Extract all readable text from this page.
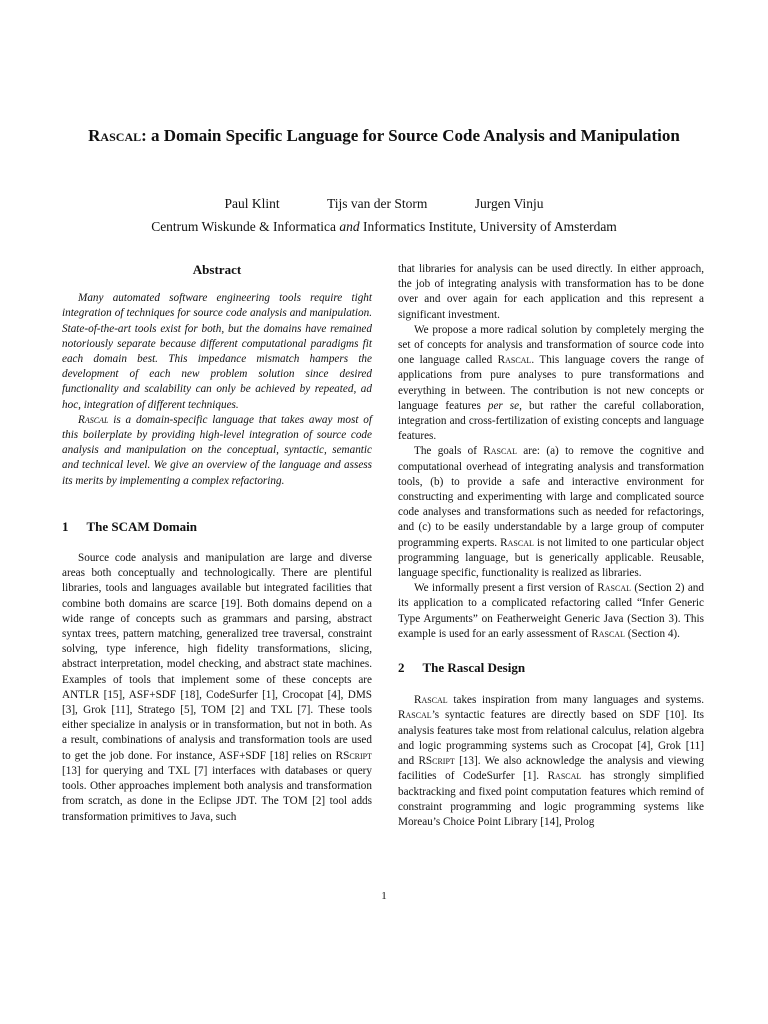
Rascal: a Domain Specific Language for Source Code Analysis and Manipulation
Paul Klint	Tijs van der Storm	Jurgen Vinju
Centrum Wiskunde & Informatica and Informatics Institute, University of Amsterdam
Abstract

Many automated software engineering tools require tight integration of techniques for source code analysis and manipulation. State-of-the-art tools exist for both, but the domains have remained notoriously separate because different computational paradigms fit each domain best. This impedance mismatch hampers the development of each new problem solution since desired functionality and scalability can only be achieved by repeated, ad hoc, integration of different techniques.

Rascal is a domain-specific language that takes away most of this boilerplate by providing high-level integration of source code analysis and manipulation on the conceptual, syntactic, semantic and technical level. We give an overview of the language and assess its merits by implementing a complex refactoring.

1 The SCAM Domain

Source code analysis and manipulation are large and diverse areas both conceptually and technologically. There are plentiful libraries, tools and languages available but integrated facilities that combine both domains are scarce [19]. Both domains depend on a wide range of concepts such as grammars and parsing, abstract syntax trees, pattern matching, generalized tree traversal, constraint solving, type inference, high fidelity transformations, slicing, abstract interpretation, model checking, and abstract state machines. Examples of tools that implement some of these concepts are ANTLR [15], ASF+SDF [18], CodeSurfer [1], Crocopat [4], DMS [3], Grok [11], Stratego [5], TOM [2] and TXL [7]. These tools either specialize in analysis or in transformation, but not in both. As a result, combinations of analysis and transformation tools are used to get the job done. For instance, ASF+SDF [18] relies on RScript [13] for querying and TXL [7] interfaces with databases or query tools. Other approaches implement both analysis and transformation from scratch, as done in the Eclipse JDT. The TOM [2] tool adds transformation primitives to Java, such

that libraries for analysis can be used directly. In either approach, the job of integrating analysis with transformation has to be done over and over again for each application and this represent a significant investment.

We propose a more radical solution by completely merging the set of concepts for analysis and transformation of source code into one language called Rascal. This language covers the range of applications from pure analyses to pure transformations and everything in between. The contribution is not new concepts or language features per se, but rather the careful collaboration, integration and cross-fertilization of existing concepts and language features.

The goals of Rascal are: (a) to remove the cognitive and computational overhead of integrating analysis and transformation tools, (b) to provide a safe and interactive environment for constructing and experimenting with large and complicated source code analyses and transformations such as needed for refactorings, and (c) to be easily understandable by a large group of computer programming experts. Rascal is not limited to one particular object programming language, but is generically applicable. Reusable, language specific, functionality is realized as libraries.

We informally present a first version of Rascal (Section 2) and its application to a complicated refactoring called “Infer Generic Type Arguments” on Featherweight Generic Java (Section 3). This example is used for an early assessment of Rascal (Section 4).

2 The Rascal Design

Rascal takes inspiration from many languages and systems. Rascal’s syntactic features are directly based on SDF [10]. Its analysis features take most from relational calculus, relation algebra and logic programming systems such as Crocopat [4], Grok [11] and RScript [13]. We also acknowledge the analysis and viewing facilities of CodeSurfer [1]. Rascal has strongly simplified backtracking and fixed point computation features which remind of constraint programming and logic programming systems like Moreau’s Choice Point Library [14], Prolog

1
